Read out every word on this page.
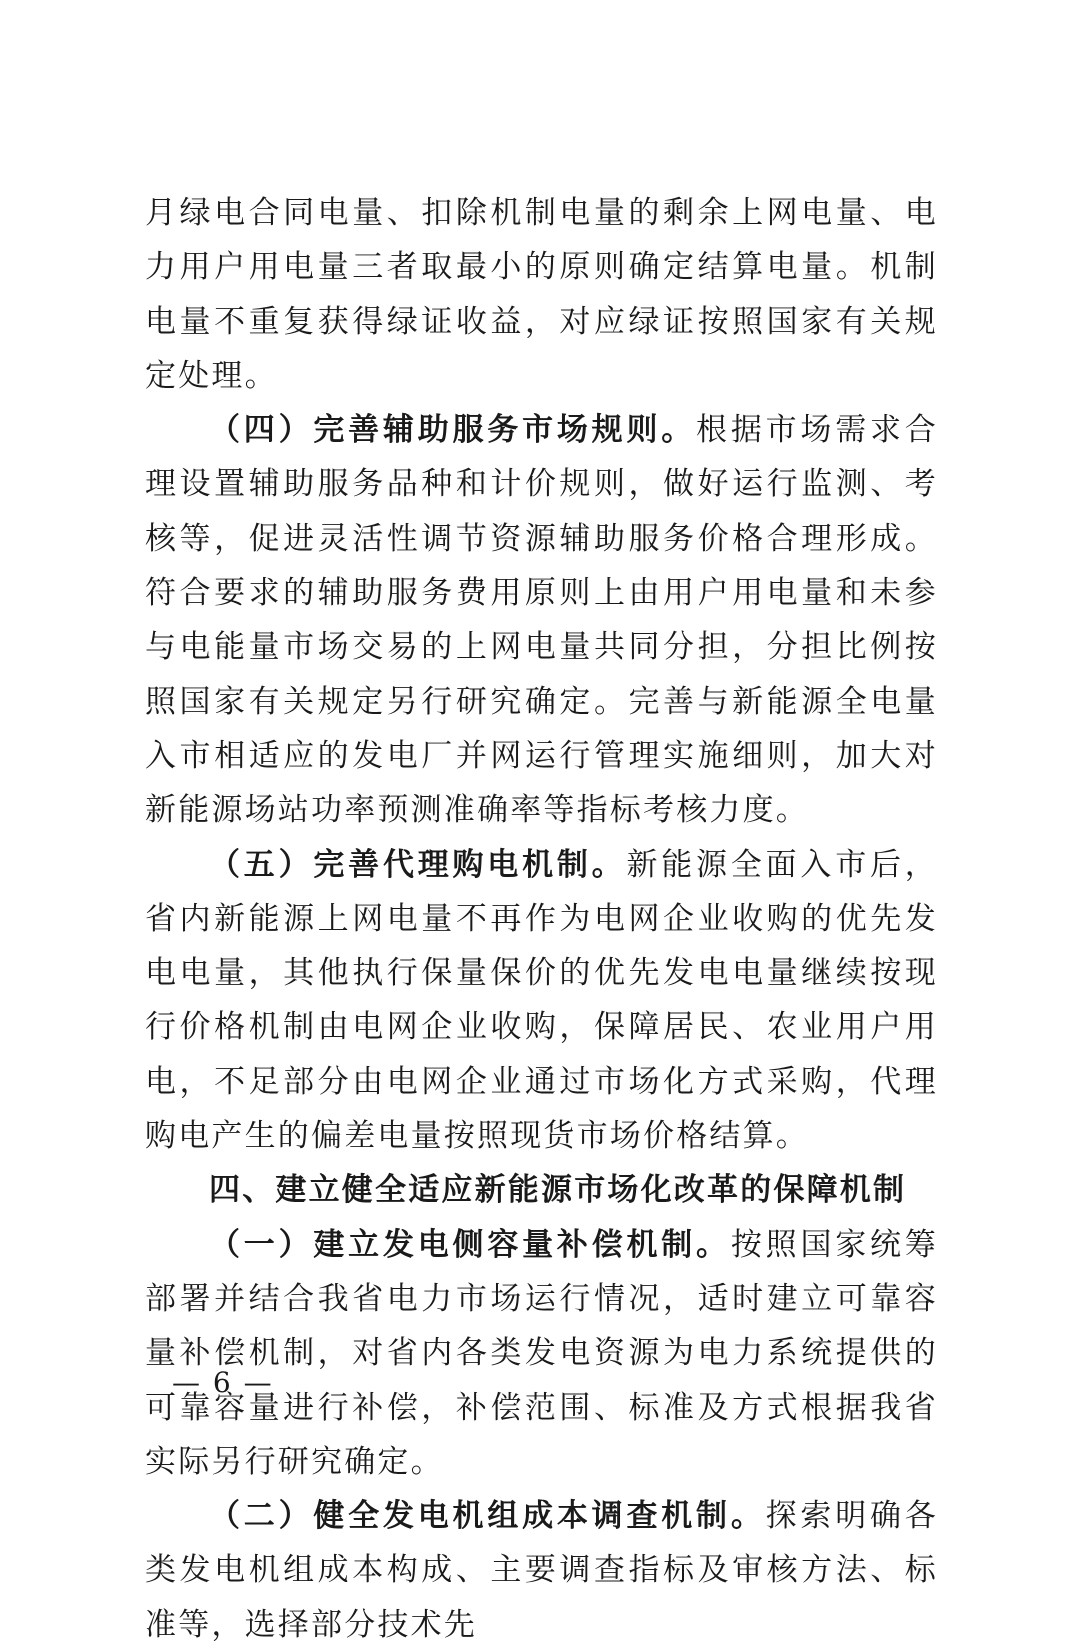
月绿电合同电量、扣除机制电量的剩余上网电量、电力用户用电量三者取最小的原则确定结算电量。机制电量不重复获得绿证收益，对应绿证按照国家有关规定处理。

（四）完善辅助服务市场规则。根据市场需求合理设置辅助服务品种和计价规则，做好运行监测、考核等，促进灵活性调节资源辅助服务价格合理形成。符合要求的辅助服务费用原则上由用户用电量和未参与电能量市场交易的上网电量共同分担，分担比例按照国家有关规定另行研究确定。完善与新能源全电量入市相适应的发电厂并网运行管理实施细则，加大对新能源场站功率预测准确率等指标考核力度。

（五）完善代理购电机制。新能源全面入市后，省内新能源上网电量不再作为电网企业收购的优先发电电量，其他执行保量保价的优先发电电量继续按现行价格机制由电网企业收购，保障居民、农业用户用电，不足部分由电网企业通过市场化方式采购，代理购电产生的偏差电量按照现货市场价格结算。

四、建立健全适应新能源市场化改革的保障机制

（一）建立发电侧容量补偿机制。按照国家统筹部署并结合我省电力市场运行情况，适时建立可靠容量补偿机制，对省内各类发电资源为电力系统提供的可靠容量进行补偿，补偿范围、标准及方式根据我省实际另行研究确定。

（二）健全发电机组成本调查机制。探索明确各类发电机组成本构成、主要调查指标及审核方法、标准等，选择部分技术先

— 6 —
